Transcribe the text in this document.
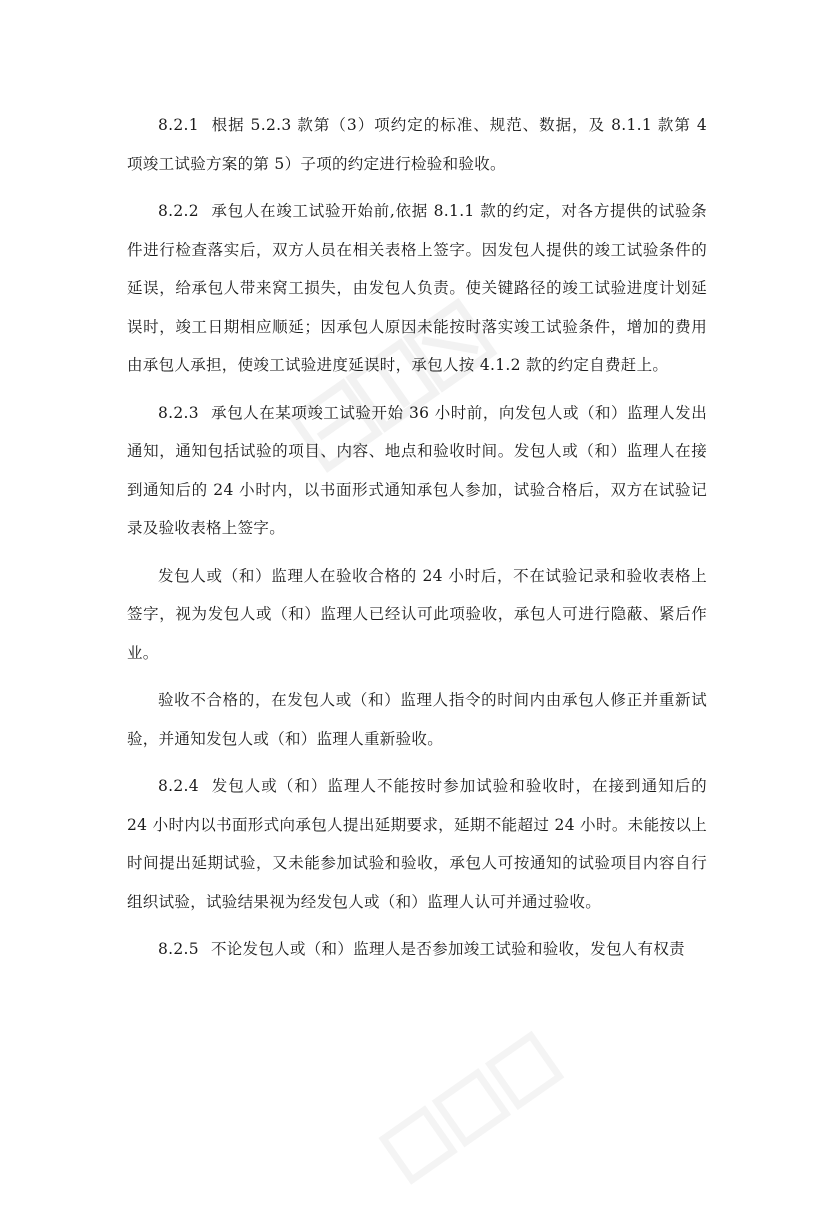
8.2.1 根据 5.2.3 款第（3）项约定的标准、规范、数据，及 8.1.1 款第 4 项竣工试验方案的第 5）子项的约定进行检验和验收。

8.2.2 承包人在竣工试验开始前,依据 8.1.1 款的约定，对各方提供的试验条件进行检查落实后，双方人员在相关表格上签字。因发包人提供的竣工试验条件的延误，给承包人带来窝工损失，由发包人负责。使关键路径的竣工试验进度计划延误时，竣工日期相应顺延；因承包人原因未能按时落实竣工试验条件，增加的费用由承包人承担，使竣工试验进度延误时，承包人按 4.1.2 款的约定自费赶上。

8.2.3 承包人在某项竣工试验开始 36 小时前，向发包人或（和）监理人发出通知，通知包括试验的项目、内容、地点和验收时间。发包人或（和）监理人在接到通知后的 24 小时内，以书面形式通知承包人参加，试验合格后，双方在试验记录及验收表格上签字。

发包人或（和）监理人在验收合格的 24 小时后，不在试验记录和验收表格上签字，视为发包人或（和）监理人已经认可此项验收，承包人可进行隐蔽、紧后作业。

验收不合格的，在发包人或（和）监理人指令的时间内由承包人修正并重新试验，并通知发包人或（和）监理人重新验收。

8.2.4 发包人或（和）监理人不能按时参加试验和验收时，在接到通知后的 24 小时内以书面形式向承包人提出延期要求，延期不能超过 24 小时。未能按以上时间提出延期试验，又未能参加试验和验收，承包人可按通知的试验项目内容自行组织试验，试验结果视为经发包人或（和）监理人认可并通过验收。

8.2.5 不论发包人或（和）监理人是否参加竣工试验和验收，发包人有权责
